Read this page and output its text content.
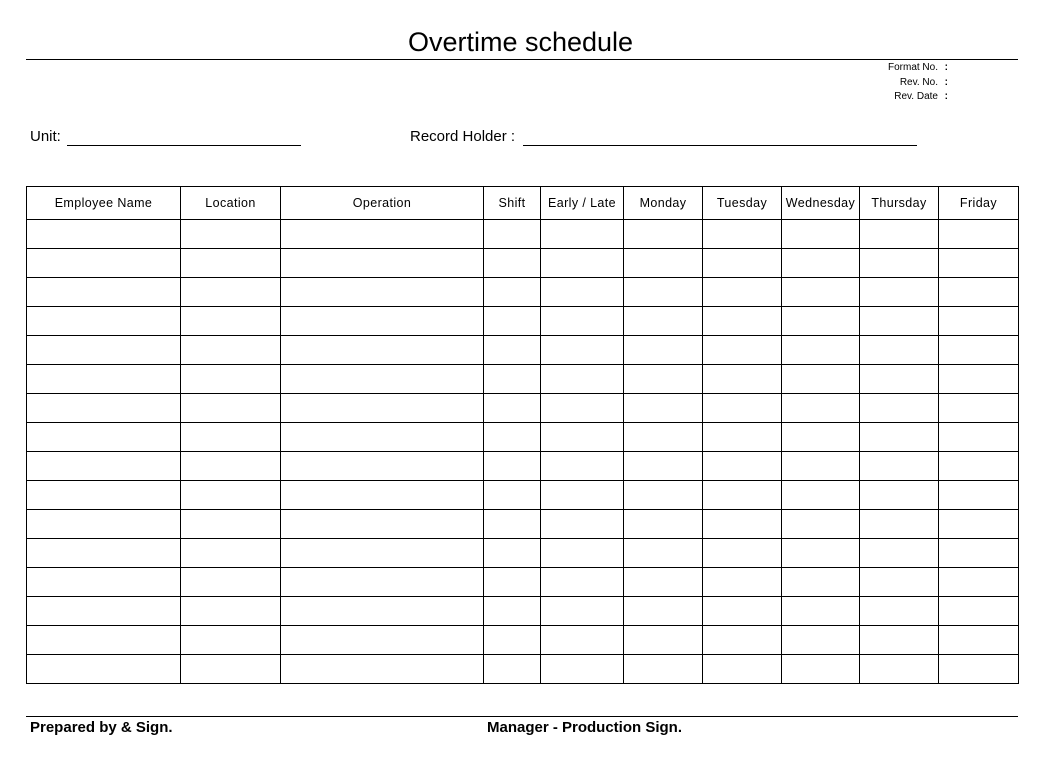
Overtime schedule
Format No. :
Rev. No. :
Rev. Date :
Unit:	Record Holder :
Employee Name	Location	Operation	Shift	Early / Late	Monday	Tuesday	Wednesday	Thursday	Friday

Prepared by & Sign.	Manager - Production Sign.
